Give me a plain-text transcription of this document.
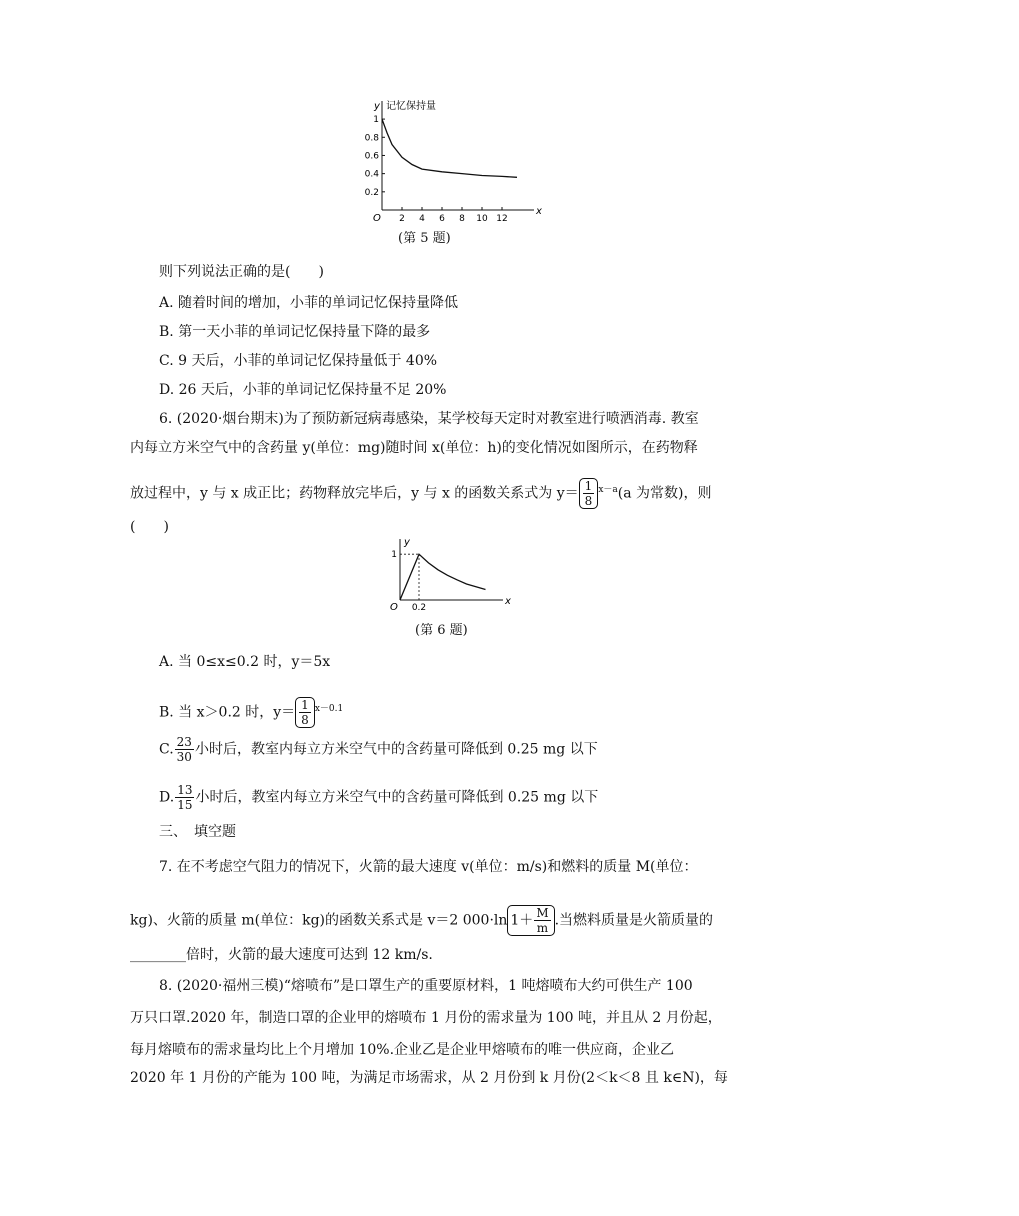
x
y 记忆保持量
O 2 4 6 8 10 12
1
0.8
0.6
0.4
0.2
(第 5 题)
则下列说法正确的是(　　)
A. 随着时间的增加，小菲的单词记忆保持量降低
B. 第一天小菲的单词记忆保持量下降的最多
C. 9 天后，小菲的单词记忆保持量低于 40%
D. 26 天后，小菲的单词记忆保持量不足 20%
6. (2020·烟台期末)为了预防新冠病毒感染，某学校每天定时对教室进行喷洒消毒. 教室
内每立方米空气中的含药量 y(单位：mg)随时间 x(单位：h)的变化情况如图所示，在药物释
放过程中，y 与 x 成正比；药物释放完毕后，y 与 x 的函数关系式为 $y= \frac{1}{8} ^{x-a}(a$ 为常数)，则
(　　)
x
y
O 0.2
1
(第 6 题)
A. 当 0≤x≤0.2 时，y＝5x
B. 当 x＞0.2 时，$y= \frac{1}{8} ^{x-0.1}$
C. $\frac{23}{30}$ 小时后，教室内每立方米空气中的含药量可降低到 0.25 mg 以下
D. $\frac{13}{15}$ 小时后，教室内每立方米空气中的含药量可降低到 0.25 mg 以下
三、　填空题
7. 在不考虑空气阻力的情况下，火箭的最大速度 v(单位：m/s)和燃料的质量 M(单位：
kg)、火箭的质量 m(单位：kg)的函数关系式是 v＝2 000·ln $1+ \frac{M}{m}$ .当燃料质量是火箭质量的
________倍时，火箭的最大速度可达到 12 km/s.
8. (2020·福州三模)“熔喷布”是口罩生产的重要原材料，1 吨熔喷布大约可供生产 100
万只口罩.2020 年，制造口罩的企业甲的熔喷布 1 月份的需求量为 100 吨，并且从 2 月份起，
每月熔喷布的需求量均比上个月增加 10%.企业乙是企业甲熔喷布的唯一供应商，企业乙
2020 年 1 月份的产能为 100 吨，为满足市场需求，从 2 月份到 k 月份(2＜k＜8 且 k∈N)，每
